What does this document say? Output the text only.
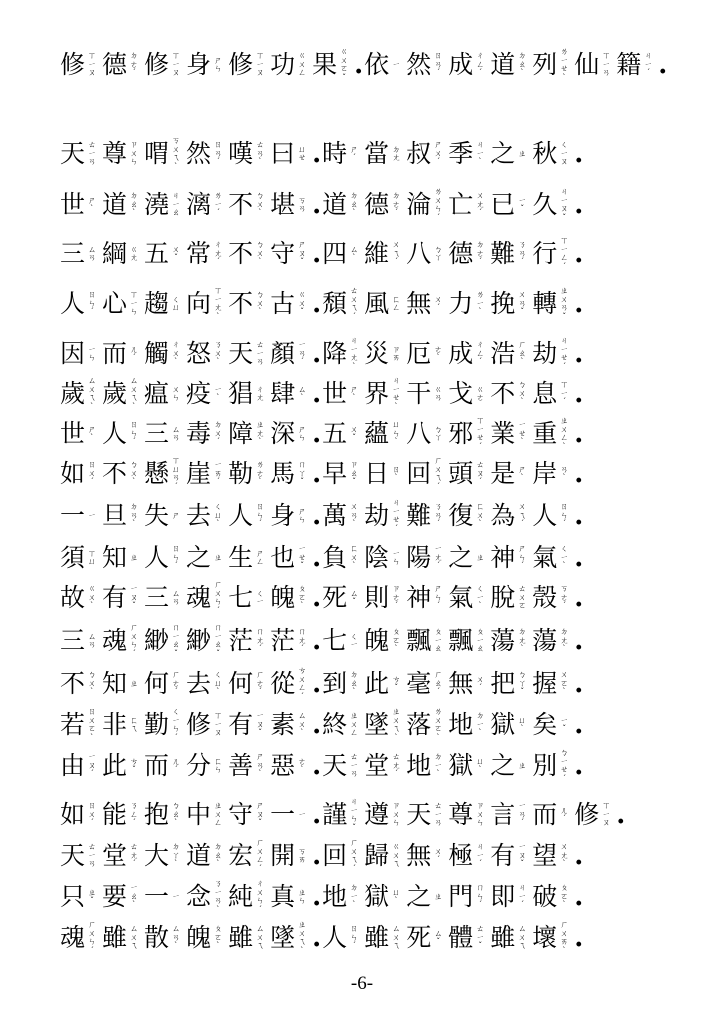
修 ㄒ
ㄧ
ㄡ 德 ㄉ
ㄜ
ˊ 修 ㄒ
ㄧ
ㄡ 身 ㄕ
ㄣ 修 ㄒ
ㄧ
ㄡ 功 ㄍ
ㄨ
ㄥ 果 ㄍ
ㄨ
ㄛ
ˇ . 依 ㄧ 然 ㄖ
ㄢ
ˊ 成 ㄔ
ㄥ
ˊ 道 ㄉ
ㄠ
ˋ 列 ㄌ
ㄧ
ㄝ
ˋ 仙 ㄒ
ㄧ
ㄢ 籍 ㄐ
ㄧ
ˊ .
天 ㄊ
ㄧ
ㄢ 尊 ㄗ
ㄨ
ㄣ 喟 ㄎ
ㄨ
ㄟ
ˋ 然 ㄖ
ㄢ
ˊ 嘆 ㄊ
ㄢ
ˋ 曰 ㄩ
ㄝ . 時 ㄕ
ˊ 當 ㄉ
ㄤ 叔 ㄕ
ㄨ
ˊ 季 ㄐ
ㄧ
ˋ 之 ㄓ 秋 ㄑ
ㄧ
ㄡ .
世 ㄕ
ˋ 道 ㄉ
ㄠ
ˋ 澆 ㄐ
ㄧ
ㄠ 漓 ㄌ
ㄧ
ˊ 不 ㄅ
ㄨ
ˋ 堪 ㄎ
ㄢ . 道 ㄉ
ㄠ
ˋ 德 ㄉ
ㄜ
ˊ 淪 ㄌ
ㄨ
ㄣ
ˊ 亡 ㄨ
ㄤ
ˊ 已 ㄧ
ˇ 久 ㄐ
ㄧ
ㄡ
ˇ .
三 ㄙ
ㄢ 綱 ㄍ
ㄤ 五 ㄨ
ˇ 常 ㄔ
ㄤ
ˊ 不 ㄅ
ㄨ
ˋ 守 ㄕ
ㄡ
ˇ . 四 ㄙ
ˋ 維 ㄨ
ㄟ
ˊ 八 ㄅ
ㄚ 德 ㄉ
ㄜ
ˊ 難 ㄋ
ㄢ
ˊ 行 ㄒ
ㄧ
ㄥ
ˊ .
人 ㄖ
ㄣ
ˊ 心 ㄒ
ㄧ
ㄣ 趨 ㄑ
ㄩ 向 ㄒ
ㄧ
ㄤ
ˋ 不 ㄅ
ㄨ
ˋ 古 ㄍ
ㄨ
ˇ . 頹 ㄊ
ㄨ
ㄟ
ˊ 風 ㄈ
ㄥ 無 ㄨ
ˊ 力 ㄌ
ㄧ
ˋ 挽 ㄨ
ㄢ
ˇ 轉 ㄓ
ㄨ
ㄢ
ˇ .
因 ㄧ
ㄣ 而 ㄦ
ˊ 觸 ㄔ
ㄨ
ˋ 怒 ㄋ
ㄨ
ˋ 天 ㄊ
ㄧ
ㄢ 顏 ㄧ
ㄢ
ˊ . 降 ㄐ
ㄧ
ㄤ
ˋ 災 ㄗ
ㄞ 厄 ㄜ
ˋ 成 ㄔ
ㄥ
ˊ 浩 ㄏ
ㄠ
ˋ 劫 ㄐ
ㄧ
ㄝ
ˊ .
歲 ㄙ
ㄨ
ㄟ
ˋ 歲 ㄙ
ㄨ
ㄟ
ˋ 瘟 ㄨ
ㄣ 疫 ㄧ
ˋ 猖 ㄔ
ㄤ 肆 ㄙ
ˋ . 世 ㄕ
ˋ 界 ㄐ
ㄧ
ㄝ
ˋ 干 ㄍ
ㄢ 戈 ㄍ
ㄜ 不 ㄅ
ㄨ
ˋ 息 ㄒ
ㄧ
ˊ .
世 ㄕ
ˋ 人 ㄖ
ㄣ
ˊ 三 ㄙ
ㄢ 毒 ㄉ
ㄨ
ˊ 障 ㄓ
ㄤ
ˋ 深 ㄕ
ㄣ . 五 ㄨ
ˇ 蘊 ㄩ
ㄣ
ˋ 八 ㄅ
ㄚ 邪 ㄒ
ㄧ
ㄝ
ˊ 業 ㄧ
ㄝ
ˋ 重 ㄓ
ㄨ
ㄥ
ˋ .
如 ㄖ
ㄨ
ˊ 不 ㄅ
ㄨ
ˋ 懸 ㄒ
ㄩ
ㄢ
ˊ 崖 ㄧ
ㄞ
ˊ 勒 ㄌ
ㄜ
ˋ 馬 ㄇ
ㄚ
ˇ . 早 ㄗ
ㄠ
ˇ 日 ㄖ
ˋ 回 ㄏ
ㄨ
ㄟ
ˊ 頭 ㄊ
ㄡ
ˊ 是 ㄕ
ˋ 岸 ㄢ
ˋ .
一 ㄧ 旦 ㄉ
ㄢ
ˋ 失 ㄕ 去 ㄑ
ㄩ
ˋ 人 ㄖ
ㄣ
ˊ 身 ㄕ
ㄣ . 萬 ㄨ
ㄢ
ˋ 劫 ㄐ
ㄧ
ㄝ
ˊ 難 ㄋ
ㄢ
ˊ 復 ㄈ
ㄨ
ˋ 為 ㄨ
ㄟ
ˊ 人 ㄖ
ㄣ
ˊ .
須 ㄒ
ㄩ 知 ㄓ 人 ㄖ
ㄣ
ˊ 之 ㄓ 生 ㄕ
ㄥ 也 ㄧ
ㄝ
ˇ . 負 ㄈ
ㄨ
ˋ 陰 ㄧ
ㄣ 陽 ㄧ
ㄤ
ˊ 之 ㄓ 神 ㄕ
ㄣ
ˊ 氣 ㄑ
ㄧ
ˋ .
故 ㄍ
ㄨ
ˋ 有 ㄧ
ㄡ
ˇ 三 ㄙ
ㄢ 魂 ㄏ
ㄨ
ㄣ
ˊ 七 ㄑ
ㄧ 魄 ㄆ
ㄛ
ˋ . 死 ㄙ
ˇ 則 ㄗ
ㄜ
ˊ 神 ㄕ
ㄣ
ˊ 氣 ㄑ
ㄧ
ˋ 脫 ㄊ
ㄨ
ㄛ 殼 ㄎ
ㄜ
ˊ .
三 ㄙ
ㄢ 魂 ㄏ
ㄨ
ㄣ
ˊ 緲 ㄇ
ㄧ
ㄠ
ˇ 緲 ㄇ
ㄧ
ㄠ
ˇ 茫 ㄇ
ㄤ
ˊ 茫 ㄇ
ㄤ
ˊ . 七 ㄑ
ㄧ 魄 ㄆ
ㄛ
ˋ 飄 ㄆ
ㄧ
ㄠ 飄 ㄆ
ㄧ
ㄠ 蕩 ㄉ
ㄤ
ˋ 蕩 ㄉ
ㄤ
ˋ .
不 ㄅ
ㄨ
ˋ 知 ㄓ 何 ㄏ
ㄜ
ˊ 去 ㄑ
ㄩ
ˋ 何 ㄏ
ㄜ
ˊ 從 ㄘ
ㄨ
ㄥ
ˊ . 到 ㄉ
ㄠ
ˋ 此 ㄘ
ˇ 毫 ㄏ
ㄠ
ˊ 無 ㄨ
ˊ 把 ㄅ
ㄚ
ˇ 握 ㄨ
ㄛ
ˋ .
若 ㄖ
ㄨ
ㄛ
ˋ 非 ㄈ
ㄟ 勤 ㄑ
ㄧ
ㄣ
ˊ 修 ㄒ
ㄧ
ㄡ 有 ㄧ
ㄡ
ˇ 素 ㄙ
ㄨ
ˋ . 終 ㄓ
ㄨ
ㄥ 墜 ㄓ
ㄨ
ㄟ
ˋ 落 ㄌ
ㄨ
ㄛ
ˋ 地 ㄉ
ㄧ
ˋ 獄 ㄩ
ˋ 矣 ㄧ
ˇ .
由 ㄧ
ㄡ
ˊ 此 ㄘ
ˇ 而 ㄦ
ˊ 分 ㄈ
ㄣ 善 ㄕ
ㄢ
ˋ 惡 ㄜ
ˋ . 天 ㄊ
ㄧ
ㄢ 堂 ㄊ
ㄤ
ˊ 地 ㄉ
ㄧ
ˋ 獄 ㄩ
ˋ 之 ㄓ 別 ㄅ
ㄧ
ㄝ
ˊ .
如 ㄖ
ㄨ
ˊ 能 ㄋ
ㄥ
ˊ 抱 ㄅ
ㄠ
ˋ 中 ㄓ
ㄨ
ㄥ 守 ㄕ
ㄡ
ˇ 一 ㄧ . 謹 ㄐ
ㄧ
ㄣ
ˇ 遵 ㄗ
ㄨ
ㄣ 天 ㄊ
ㄧ
ㄢ 尊 ㄗ
ㄨ
ㄣ 言 ㄧ
ㄢ
ˊ 而 ㄦ
ˊ 修 ㄒ
ㄧ
ㄡ .
天 ㄊ
ㄧ
ㄢ 堂 ㄊ
ㄤ
ˊ 大 ㄉ
ㄚ
ˋ 道 ㄉ
ㄠ
ˋ 宏 ㄏ
ㄨ
ㄥ
ˊ 開 ㄎ
ㄞ . 回 ㄏ
ㄨ
ㄟ
ˊ 歸 ㄍ
ㄨ
ㄟ 無 ㄨ
ˊ 極 ㄐ
ㄧ
ˊ 有 ㄧ
ㄡ
ˇ 望 ㄨ
ㄤ
ˋ .
只 ㄓ
ˇ 要 ㄧ
ㄠ
ˋ 一 ㄧ 念 ㄋ
ㄧ
ㄢ
ˋ 純 ㄔ
ㄨ
ㄣ
ˊ 真 ㄓ
ㄣ . 地 ㄉ
ㄧ
ˋ 獄 ㄩ
ˋ 之 ㄓ 門 ㄇ
ㄣ
ˊ 即 ㄐ
ㄧ
ˊ 破 ㄆ
ㄛ
ˋ .
魂 ㄏ
ㄨ
ㄣ
ˊ 雖 ㄙ
ㄨ
ㄟ 散 ㄙ
ㄢ
ˋ 魄 ㄆ
ㄛ
ˋ 雖 ㄙ
ㄨ
ㄟ 墜 ㄓ
ㄨ
ㄟ
ˋ . 人 ㄖ
ㄣ
ˊ 雖 ㄙ
ㄨ
ㄟ 死 ㄙ
ˇ 體 ㄊ
ㄧ
ˇ 雖 ㄙ
ㄨ
ㄟ 壞 ㄏ
ㄨ
ㄞ
ˋ .
-6-
